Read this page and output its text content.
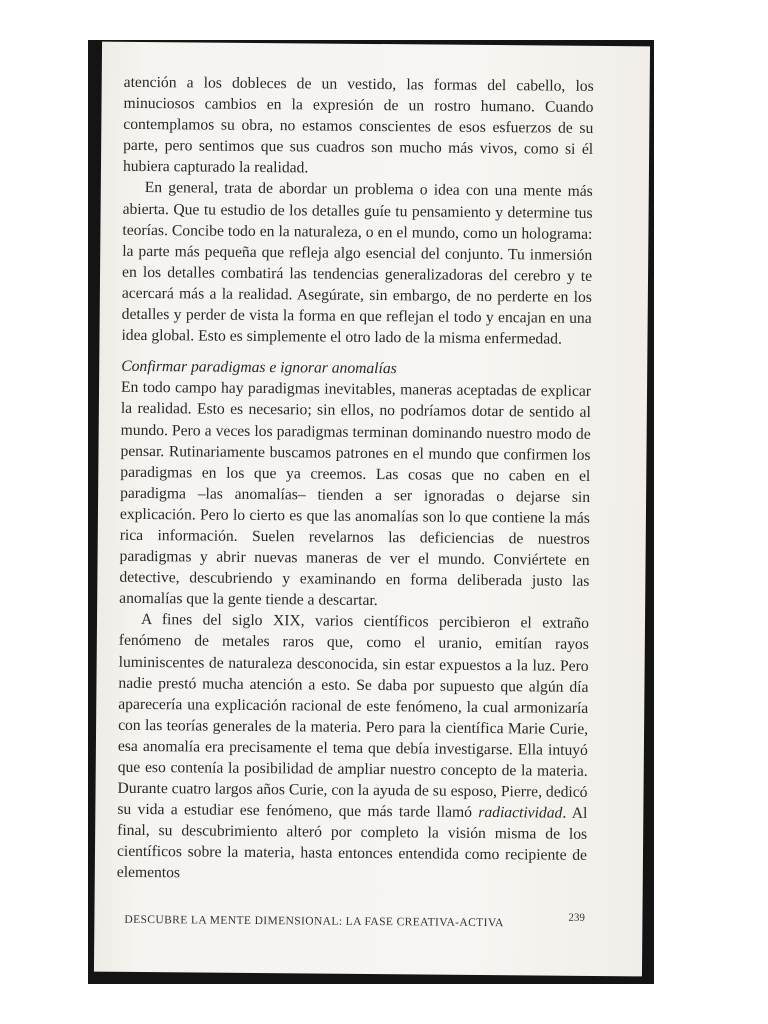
atención a los dobleces de un vestido, las formas del cabello, los minuciosos cambios en la expresión de un rostro humano. Cuando contemplamos su obra, no estamos conscientes de esos esfuerzos de su parte, pero sentimos que sus cuadros son mucho más vivos, como si él hubiera capturado la realidad.

En general, trata de abordar un problema o idea con una mente más abierta. Que tu estudio de los detalles guíe tu pensamiento y determine tus teorías. Concibe todo en la naturaleza, o en el mundo, como un holograma: la parte más pequeña que refleja algo esencial del conjunto. Tu inmersión en los detalles combatirá las tendencias generalizadoras del cerebro y te acercará más a la realidad. Asegúrate, sin embargo, de no perderte en los detalles y perder de vista la forma en que reflejan el todo y encajan en una idea global. Esto es simplemente el otro lado de la misma enfermedad.

Confirmar paradigmas e ignorar anomalías

En todo campo hay paradigmas inevitables, maneras aceptadas de explicar la realidad. Esto es necesario; sin ellos, no podríamos dotar de sentido al mundo. Pero a veces los paradigmas terminan dominando nuestro modo de pensar. Rutinariamente buscamos patrones en el mundo que confirmen los paradigmas en los que ya creemos. Las cosas que no caben en el paradigma –las anomalías– tienden a ser ignoradas o dejarse sin explicación. Pero lo cierto es que las anomalías son lo que contiene la más rica información. Suelen revelarnos las deficiencias de nuestros paradigmas y abrir nuevas maneras de ver el mundo. Conviértete en detective, descubriendo y examinando en forma deliberada justo las anomalías que la gente tiende a descartar.

A fines del siglo XIX, varios científicos percibieron el extraño fenómeno de metales raros que, como el uranio, emitían rayos luminiscentes de naturaleza desconocida, sin estar expuestos a la luz. Pero nadie prestó mucha atención a esto. Se daba por supuesto que algún día aparecería una explicación racional de este fenómeno, la cual armonizaría con las teorías generales de la materia. Pero para la científica Marie Curie, esa anomalía era precisamente el tema que debía investigarse. Ella intuyó que eso contenía la posibilidad de ampliar nuestro concepto de la materia. Durante cuatro largos años Curie, con la ayuda de su esposo, Pierre, dedicó su vida a estudiar ese fenómeno, que más tarde llamó radiactividad. Al final, su descubrimiento alteró por completo la visión misma de los científicos sobre la materia, hasta entonces entendida como recipiente de elementos

DESCUBRE LA MENTE DIMENSIONAL: LA FASE CREATIVA-ACTIVA	239
